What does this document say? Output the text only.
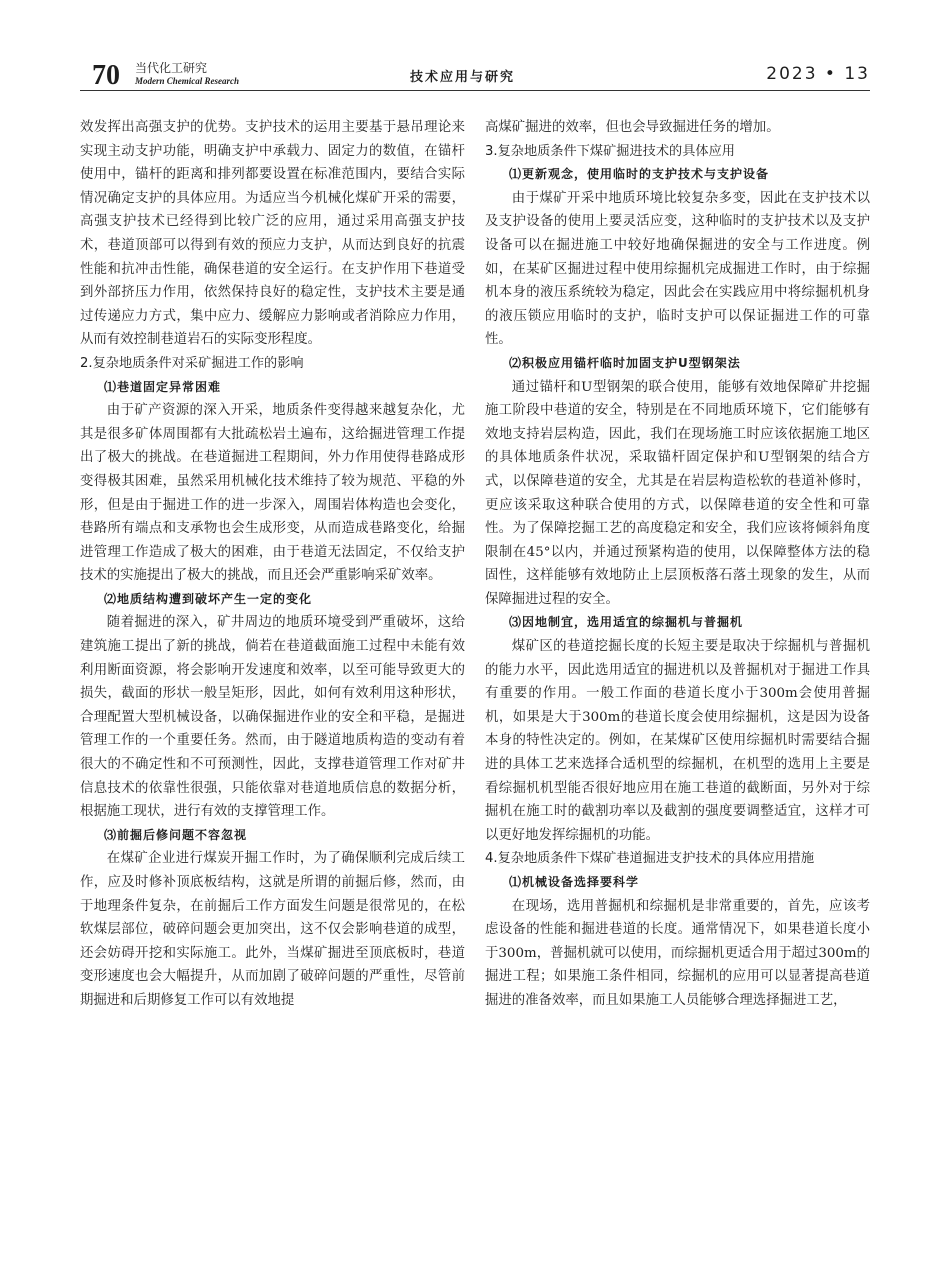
70 当代化工研究
Modern Chemical Research	技术应用与研究	2023 • 13

效发挥出高强支护的优势。支护技术的运用主要基于悬吊理论来实现主动支护功能，明确支护中承载力、固定力的数值，在锚杆使用中，锚杆的距离和排列都要设置在标准范围内，要结合实际情况确定支护的具体应用。为适应当今机械化煤矿开采的需要，高强支护技术已经得到比较广泛的应用，通过采用高强支护技术，巷道顶部可以得到有效的预应力支护，从而达到良好的抗震性能和抗冲击性能，确保巷道的安全运行。在支护作用下巷道受到外部挤压力作用，依然保持良好的稳定性，支护技术主要是通过传递应力方式，集中应力、缓解应力影响或者消除应力作用，从而有效控制巷道岩石的实际变形程度。

2.复杂地质条件对采矿掘进工作的影响
⑴巷道固定异常困难

由于矿产资源的深入开采，地质条件变得越来越复杂化，尤其是很多矿体周围都有大批疏松岩土遍布，这给掘进管理工作提出了极大的挑战。在巷道掘进工程期间，外力作用使得巷路成形变得极其困难，虽然采用机械化技术维持了较为规范、平稳的外形，但是由于掘进工作的进一步深入，周围岩体构造也会变化，巷路所有端点和支承物也会生成形变，从而造成巷路变化，给掘进管理工作造成了极大的困难，由于巷道无法固定，不仅给支护技术的实施提出了极大的挑战，而且还会严重影响采矿效率。

⑵地质结构遭到破坏产生一定的变化

随着掘进的深入，矿井周边的地质环境受到严重破坏，这给建筑施工提出了新的挑战，倘若在巷道截面施工过程中未能有效利用断面资源，将会影响开发速度和效率，以至可能导致更大的损失，截面的形状一般呈矩形，因此，如何有效利用这种形状，合理配置大型机械设备，以确保掘进作业的安全和平稳，是掘进管理工作的一个重要任务。然而，由于隧道地质构造的变动有着很大的不确定性和不可预测性，因此，支撑巷道管理工作对矿井信息技术的依靠性很强，只能依靠对巷道地质信息的数据分析，根据施工现状，进行有效的支撑管理工作。

⑶前掘后修问题不容忽视

在煤矿企业进行煤炭开掘工作时，为了确保顺利完成后续工作，应及时修补顶底板结构，这就是所谓的前掘后修，然而，由于地理条件复杂，在前掘后工作方面发生问题是很常见的，在松软煤层部位，破碎问题会更加突出，这不仅会影响巷道的成型，还会妨碍开挖和实际施工。此外，当煤矿掘进至顶底板时，巷道变形速度也会大幅提升，从而加剧了破碎问题的严重性，尽管前期掘进和后期修复工作可以有效地提

高煤矿掘进的效率，但也会导致掘进任务的增加。

3.复杂地质条件下煤矿掘进技术的具体应用
⑴更新观念，使用临时的支护技术与支护设备

由于煤矿开采中地质环境比较复杂多变，因此在支护技术以及支护设备的使用上要灵活应变，这种临时的支护技术以及支护设备可以在掘进施工中较好地确保掘进的安全与工作进度。例如，在某矿区掘进过程中使用综掘机完成掘进工作时，由于综掘机本身的液压系统较为稳定，因此会在实践应用中将综掘机机身的液压锁应用临时的支护，临时支护可以保证掘进工作的可靠性。

⑵积极应用锚杆临时加固支护U型钢架法

通过锚杆和U型钢架的联合使用，能够有效地保障矿井挖掘施工阶段中巷道的安全，特别是在不同地质环境下，它们能够有效地支持岩层构造，因此，我们在现场施工时应该依据施工地区的具体地质条件状况，采取锚杆固定保护和U型钢架的结合方式，以保障巷道的安全，尤其是在岩层构造松软的巷道补修时，更应该采取这种联合使用的方式，以保障巷道的安全性和可靠性。为了保障挖掘工艺的高度稳定和安全，我们应该将倾斜角度限制在45°以内，并通过预紧构造的使用，以保障整体方法的稳固性，这样能够有效地防止上层顶板落石落土现象的发生，从而保障掘进过程的安全。

⑶因地制宜，选用适宜的综掘机与普掘机

煤矿区的巷道挖掘长度的长短主要是取决于综掘机与普掘机的能力水平，因此选用适宜的掘进机以及普掘机对于掘进工作具有重要的作用。一般工作面的巷道长度小于300m会使用普掘机，如果是大于300m的巷道长度会使用综掘机，这是因为设备本身的特性决定的。例如，在某煤矿区使用综掘机时需要结合掘进的具体工艺来选择合适机型的综掘机，在机型的选用上主要是看综掘机机型能否很好地应用在施工巷道的截断面，另外对于综掘机在施工时的截割功率以及截割的强度要调整适宜，这样才可以更好地发挥综掘机的功能。

4.复杂地质条件下煤矿巷道掘进支护技术的具体应用措施
⑴机械设备选择要科学

在现场，选用普掘机和综掘机是非常重要的，首先，应该考虑设备的性能和掘进巷道的长度。通常情况下，如果巷道长度小于300m，普掘机就可以使用，而综掘机更适合用于超过300m的掘进工程；如果施工条件相同，综掘机的应用可以显著提高巷道掘进的准备效率，而且如果施工人员能够合理选择掘进工艺，
